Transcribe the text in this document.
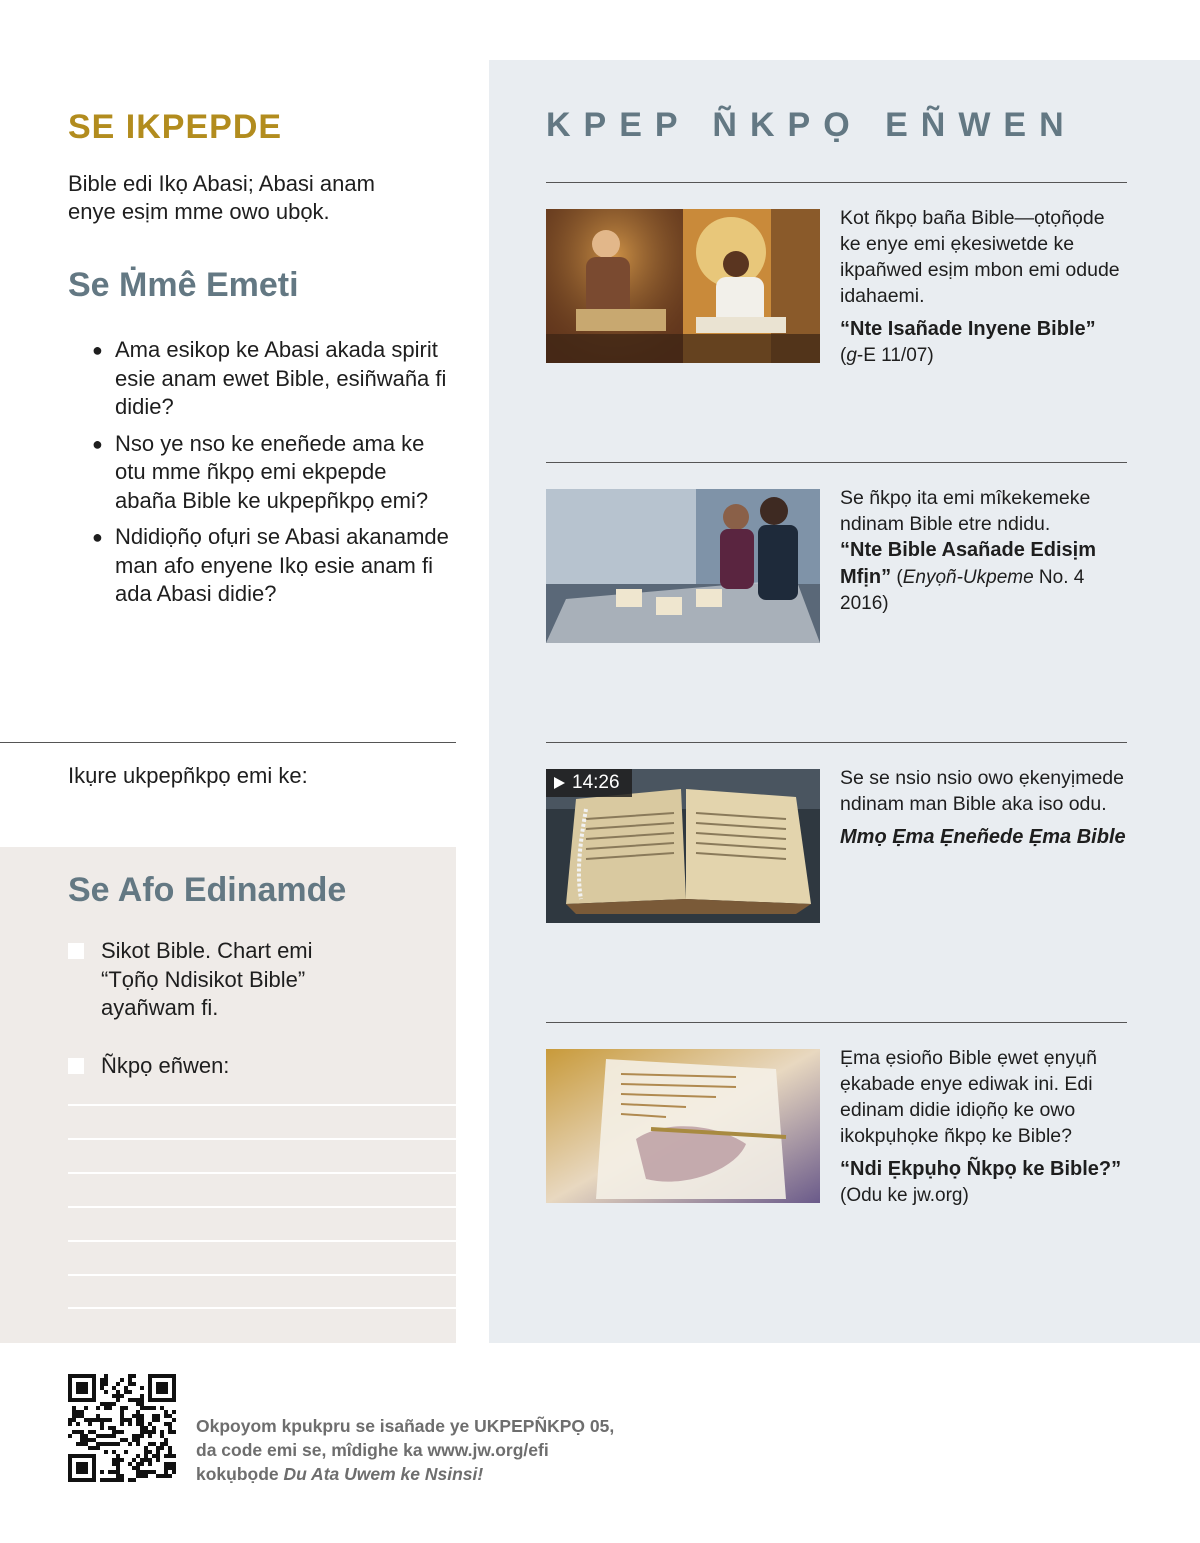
SE IKPEPDE

Bible edi Ikọ Abasi; Abasi anam enye esịm mme owo ubọk.

Se Ṁmê Emeti
● Ama esikop ke Abasi akada spirit esie anam ewet Bible, esiñwaña fi didie?
● Nso ye nso ke eneñede ama ke otu mme ñkpọ emi ekpepde abaña Bible ke ukpepñkpọ emi?
● Ndidiọñọ ofụri se Abasi akanamde man afo enyene Ikọ esie anam fi ada Abasi didie?

Ikụre ukpepñkpọ emi ke:

Se Afo Edinamde
Sikot Bible. Chart emi “Tọñọ Ndisikot Bible” ayañwam fi.
Ñkpọ eñwen:
KPEP ÑKPỌ EÑWEN

Kot ñkpọ baña Bible—ọtọñọde ke enye emi ẹkesiwetde ke ikpañwed esịm mbon emi odude idahaemi.

“Nte Isañade Inyene Bible”

(g-E 11/07)

Se ñkpọ ita emi mîkekemeke ndinam Bible etre ndidu.

“Nte Bible Asañade Edisịm Mfịn”

(Enyọñ-Ukpeme No. 4 2016)
14:26	Se se nsio nsio owo ẹkenyịmede ndinam man Bible aka iso odu.

Mmọ Ẹma Ẹneñede Ẹma Bible

Ẹma ẹsioño Bible ẹwet ẹnyụñ ẹkabade enye ediwak ini. Edi edinam didie idiọñọ ke owo ikokpụhọke ñkpọ ke Bible?

“Ndi Ẹkpụhọ Ñkpọ ke Bible?”

(Odu ke jw.org)

Okpoyom kpukpru se isañade ye UKPEPÑKPỌ 05,
da code emi se, mîdighe ka www.jw.org/efi
kokụbọde Du Ata Uwem ke Nsinsi!
